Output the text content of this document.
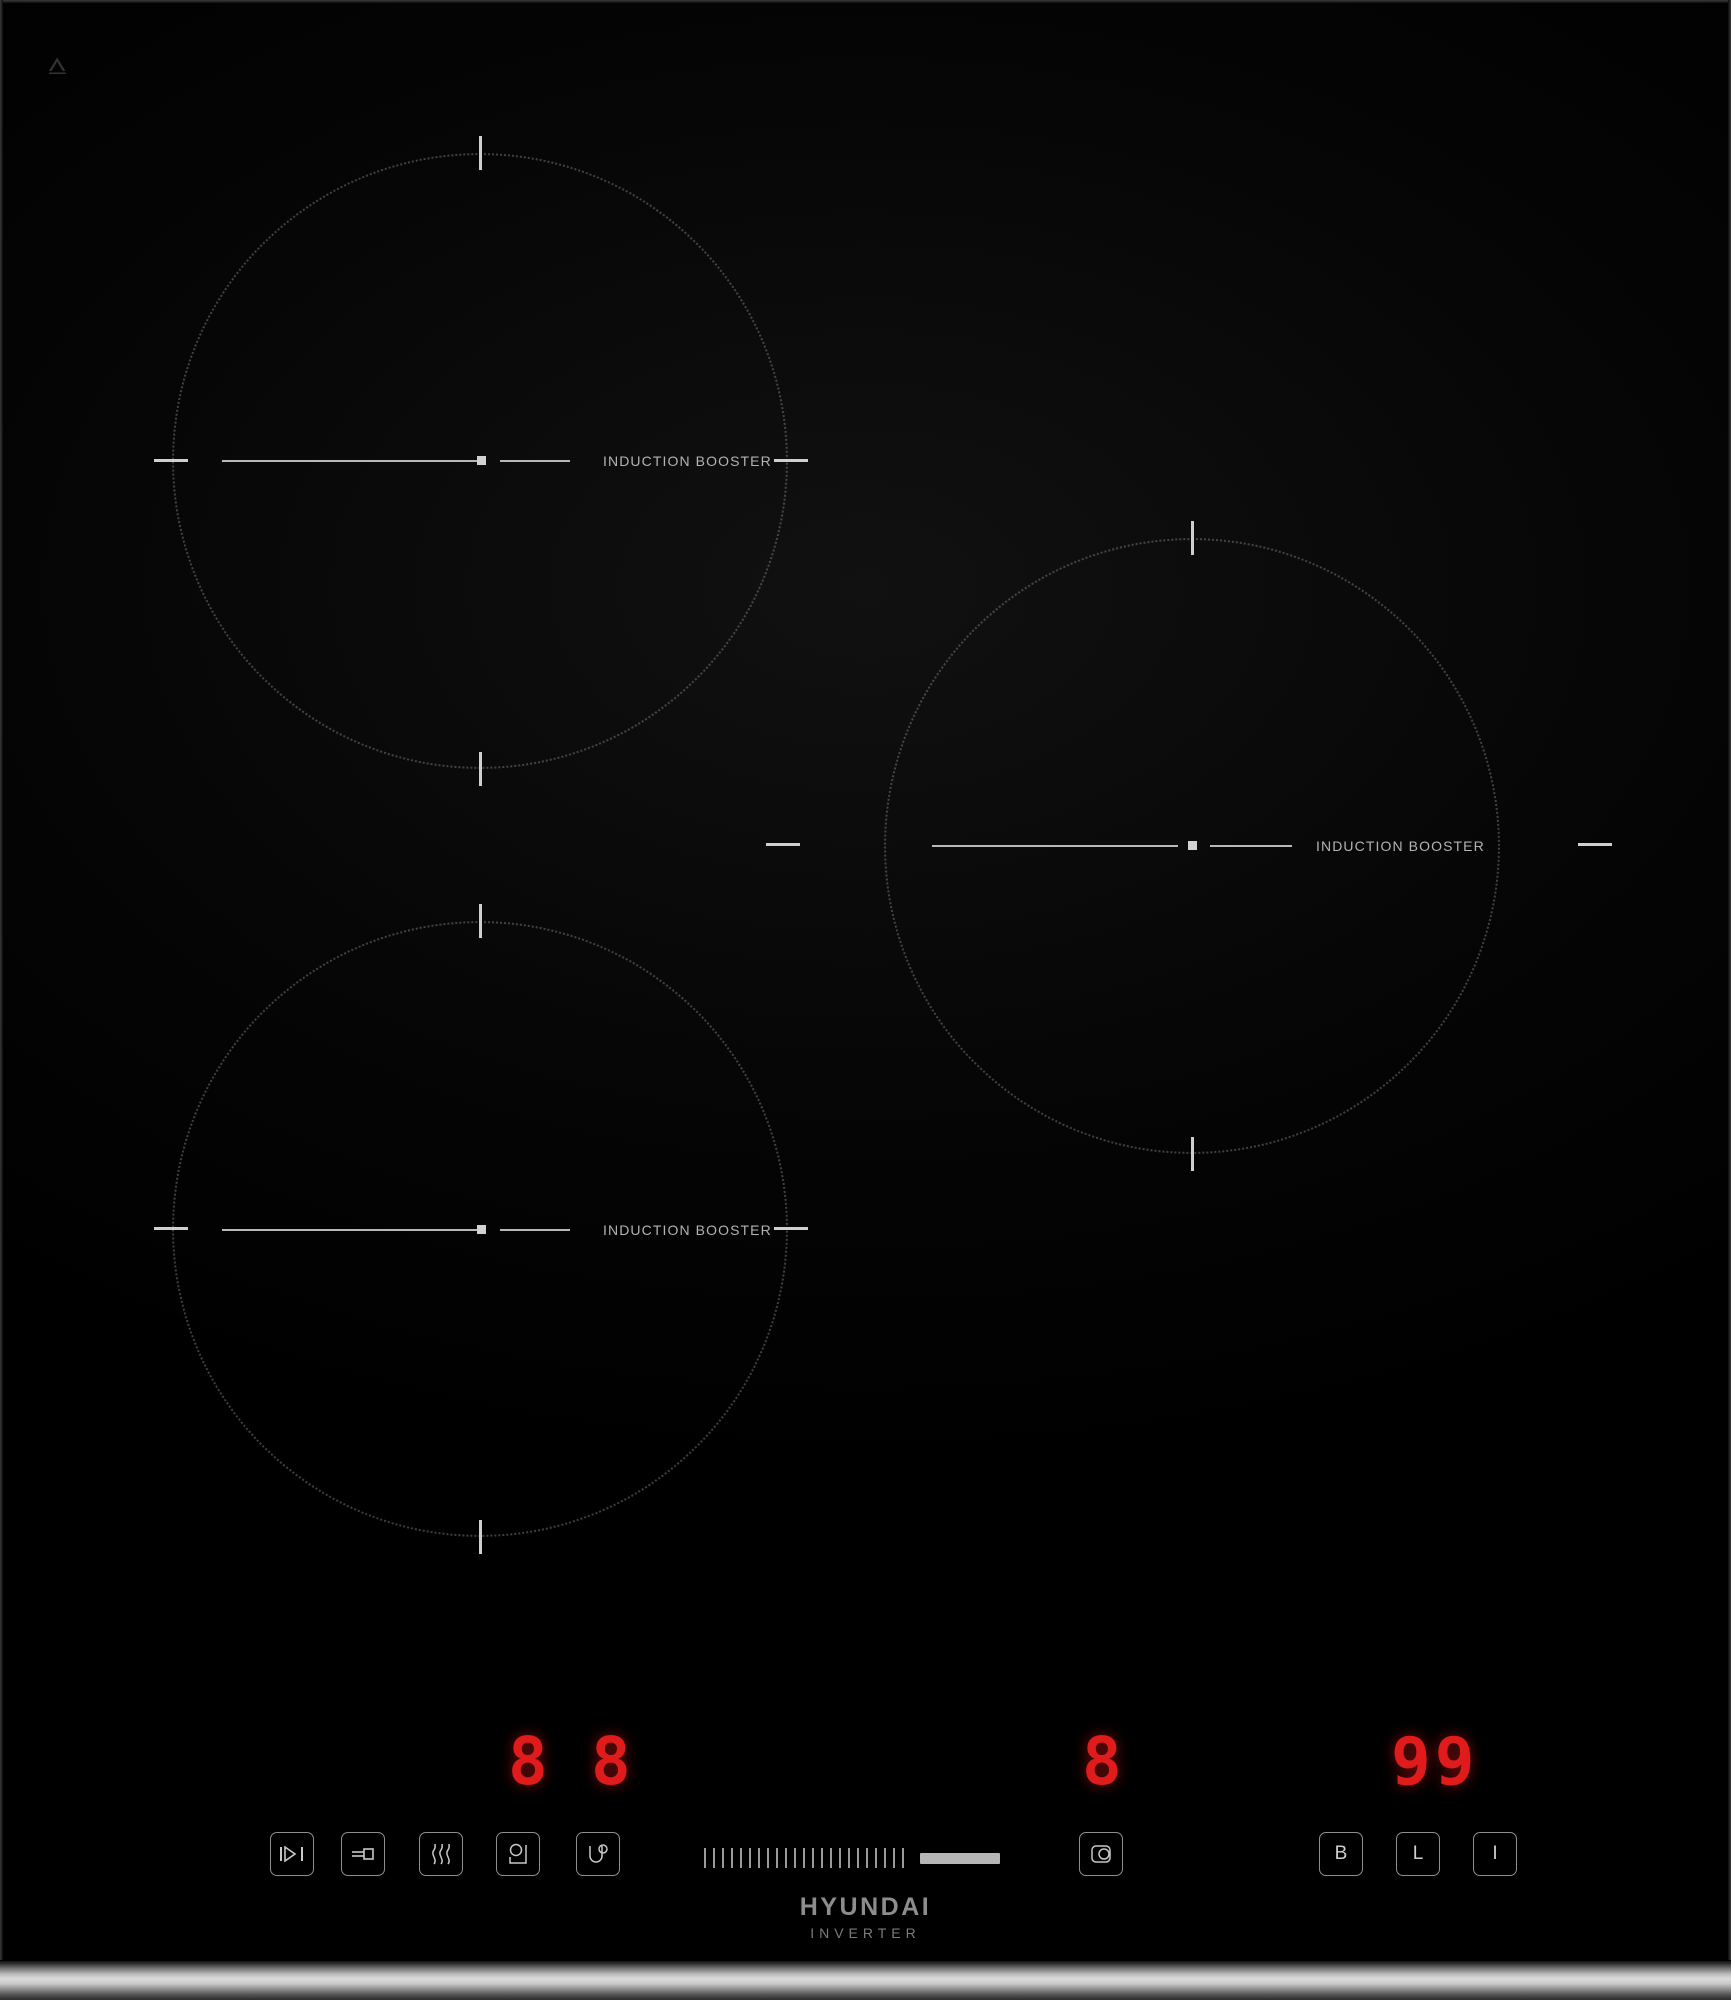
⩟
INDUCTION BOOSTER
INDUCTION BOOSTER
INDUCTION BOOSTER
8 8	8	99
B	L	I
HYUNDAI
INVERTER
